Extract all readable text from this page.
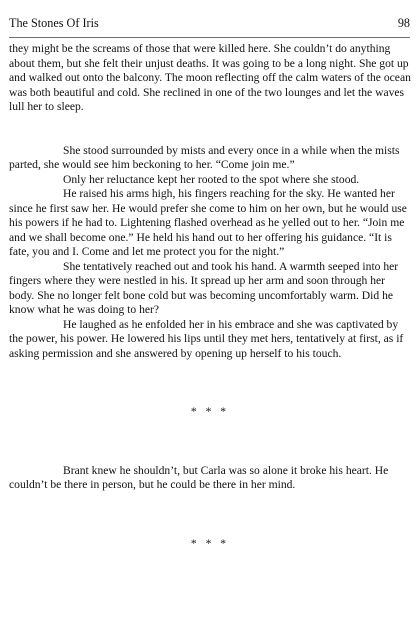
The Stones Of Iris	98

they might be the screams of those that were killed here. She couldn’t do anything about them, but she felt their unjust deaths. It was going to be a long night. She got up and walked out onto the balcony. The moon reflecting off the calm waters of the ocean was both beautiful and cold. She reclined in one of the two lounges and let the waves lull her to sleep.

She stood surrounded by mists and every once in a while when the mists parted, she would see him beckoning to her. “Come join me.”

Only her reluctance kept her rooted to the spot where she stood.

He raised his arms high, his fingers reaching for the sky. He wanted her since he first saw her. He would prefer she come to him on her own, but he would use his powers if he had to. Lightening flashed overhead as he yelled out to her. “Join me and we shall become one.” He held his hand out to her offering his guidance. “It is fate, you and I. Come and let me protect you for the night.”

She tentatively reached out and took his hand. A warmth seeped into her fingers where they were nestled in his. It spread up her arm and soon through her body. She no longer felt bone cold but was becoming uncomfortably warm. Did he know what he was doing to her?

He laughed as he enfolded her in his embrace and she was captivated by the power, his power. He lowered his lips until they met hers, tentatively at first, as if asking permission and she answered by opening up herself to his touch.

* * *

Brant knew he shouldn’t, but Carla was so alone it broke his heart. He couldn’t be there in person, but he could be there in her mind.

* * *
